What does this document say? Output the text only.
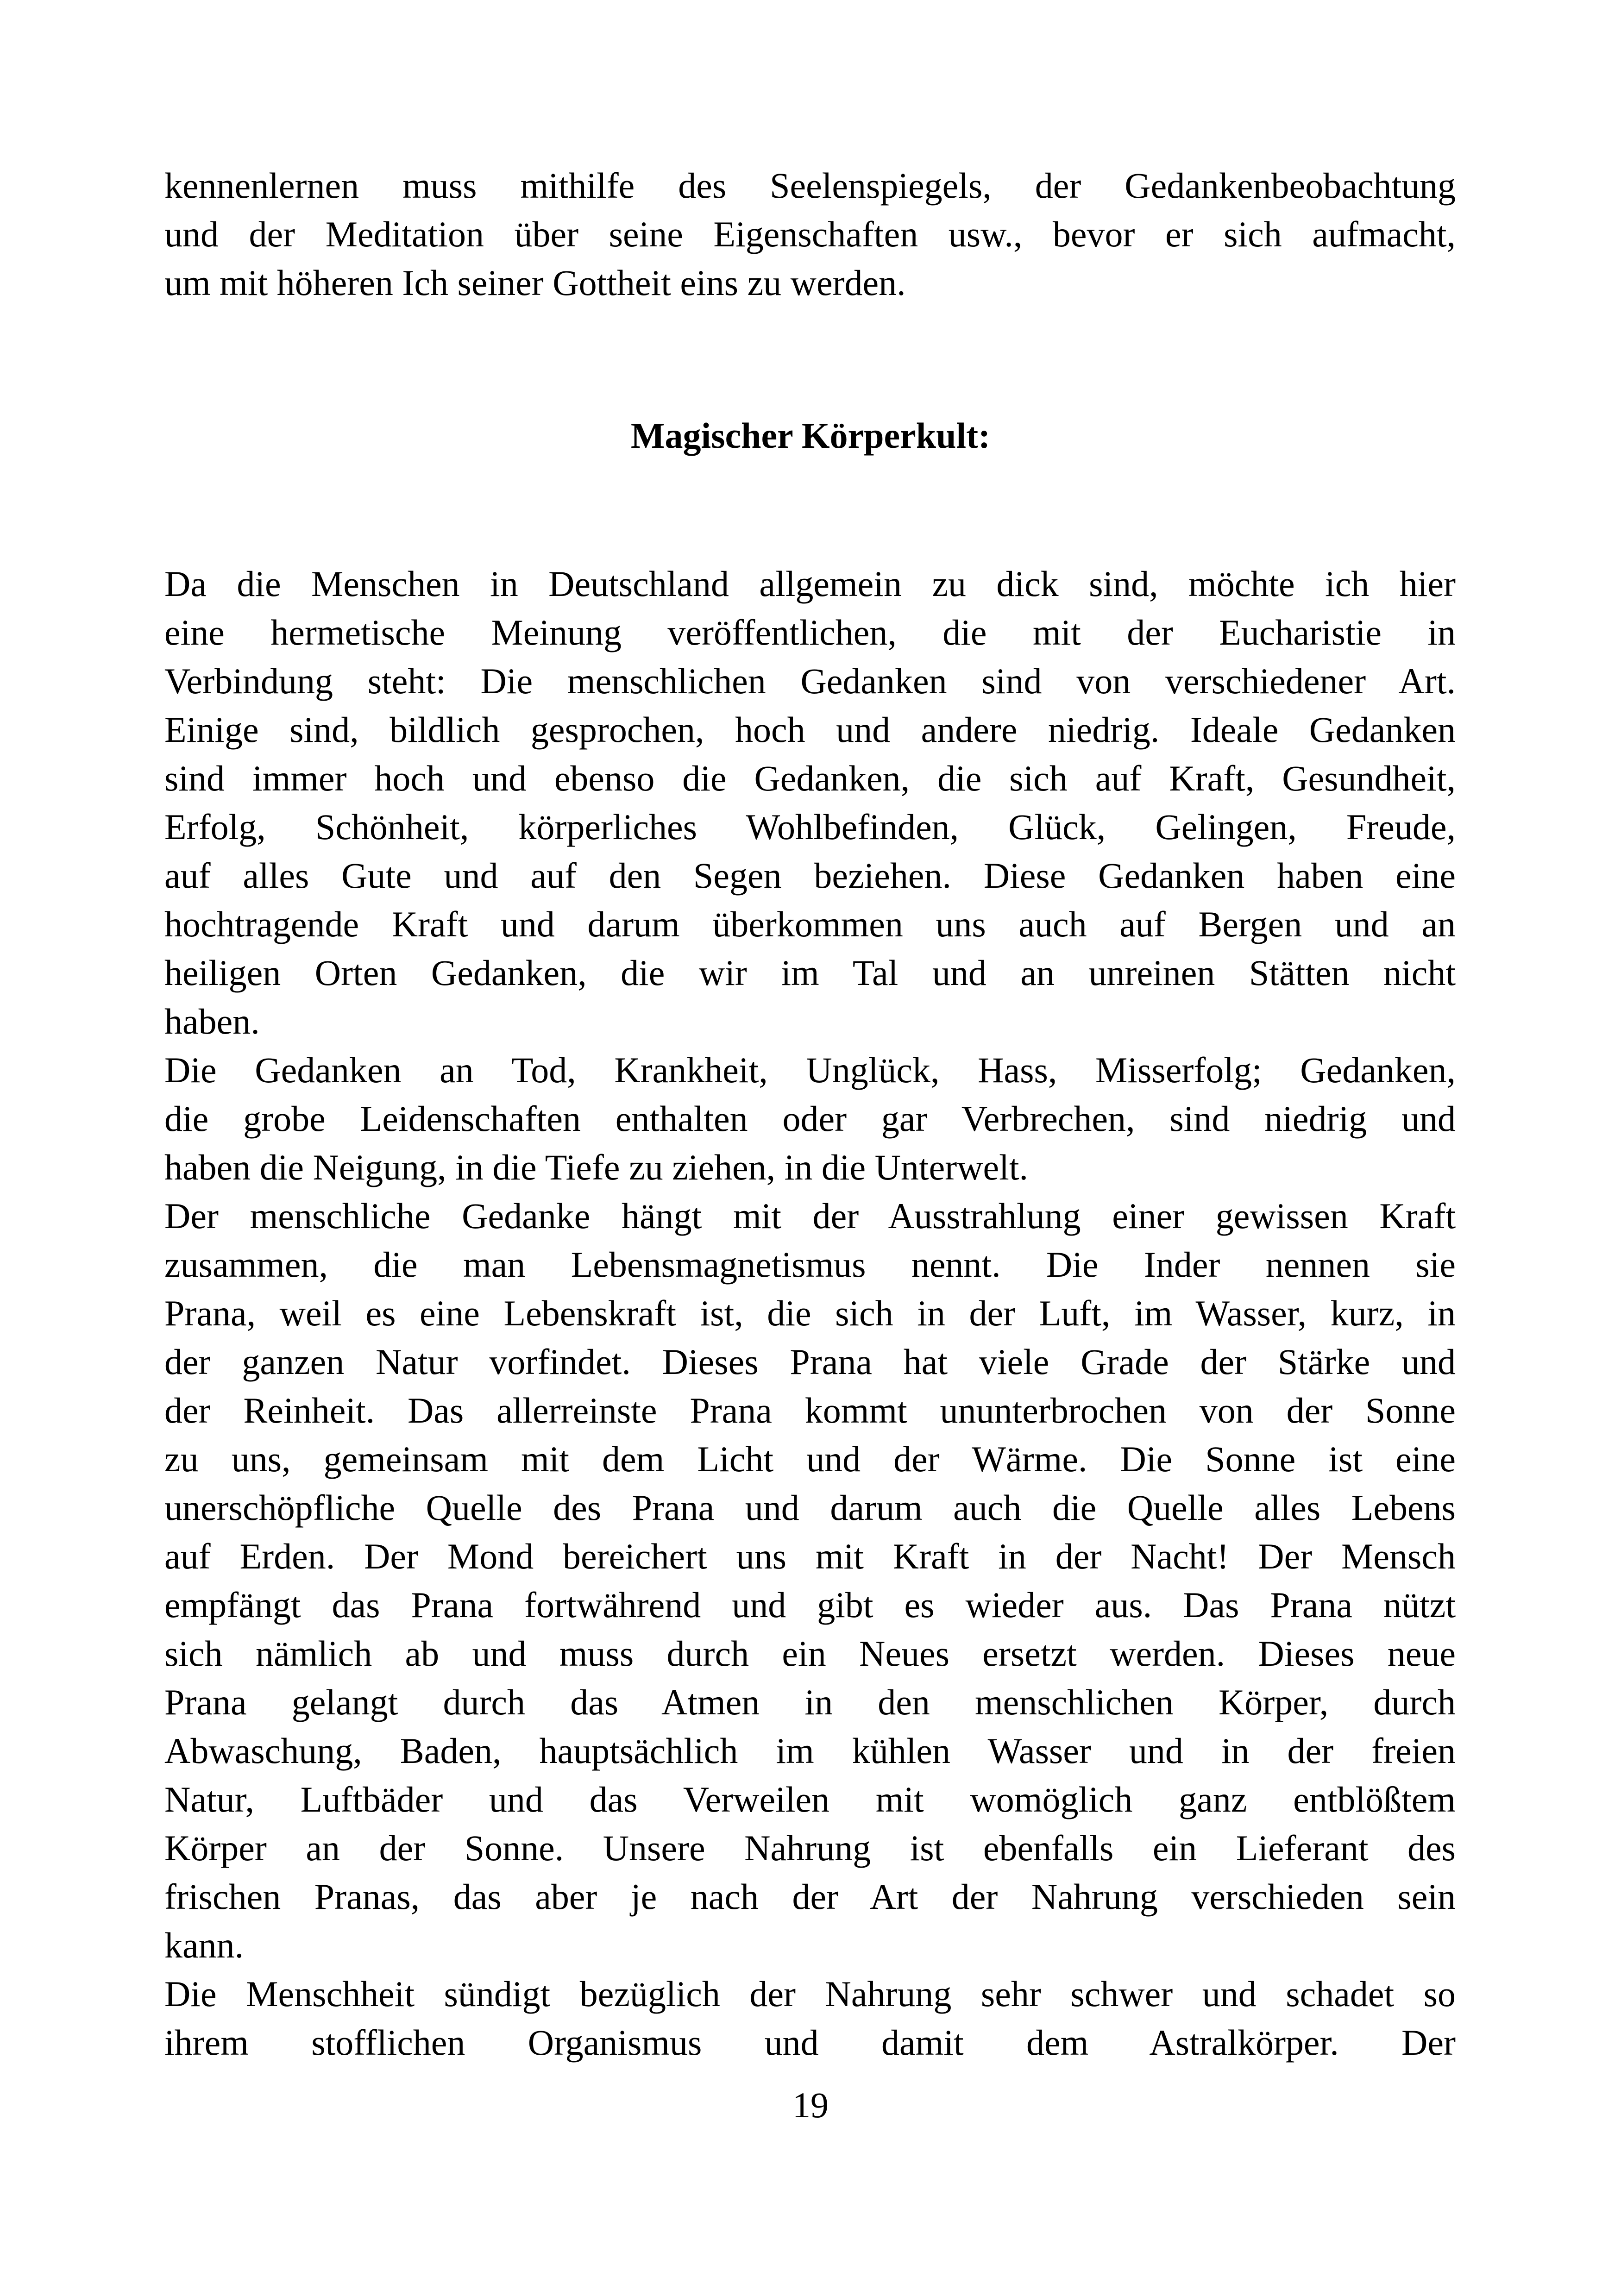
kennenlernen muss mithilfe des Seelenspiegels, der Gedankenbeobachtung
und der Meditation über seine Eigenschaften usw., bevor er sich aufmacht,
um mit höheren Ich seiner Gottheit eins zu werden.
Magischer Körperkult:
Da die Menschen in Deutschland allgemein zu dick sind, möchte ich hier
eine hermetische Meinung veröffentlichen, die mit der Eucharistie in
Verbindung steht: Die menschlichen Gedanken sind von verschiedener Art.
Einige sind, bildlich gesprochen, hoch und andere niedrig. Ideale Gedanken
sind immer hoch und ebenso die Gedanken, die sich auf Kraft, Gesundheit,
Erfolg, Schönheit, körperliches Wohlbefinden, Glück, Gelingen, Freude,
auf alles Gute und auf den Segen beziehen. Diese Gedanken haben eine
hochtragende Kraft und darum überkommen uns auch auf Bergen und an
heiligen Orten Gedanken, die wir im Tal und an unreinen Stätten nicht
haben.
Die Gedanken an Tod, Krankheit, Unglück, Hass, Misserfolg; Gedanken,
die grobe Leidenschaften enthalten oder gar Verbrechen, sind niedrig und
haben die Neigung, in die Tiefe zu ziehen, in die Unterwelt.
Der menschliche Gedanke hängt mit der Ausstrahlung einer gewissen Kraft
zusammen, die man Lebensmagnetismus nennt. Die Inder nennen sie
Prana, weil es eine Lebenskraft ist, die sich in der Luft, im Wasser, kurz, in
der ganzen Natur vorfindet. Dieses Prana hat viele Grade der Stärke und
der Reinheit. Das allerreinste Prana kommt ununterbrochen von der Sonne
zu uns, gemeinsam mit dem Licht und der Wärme. Die Sonne ist eine
unerschöpfliche Quelle des Prana und darum auch die Quelle alles Lebens
auf Erden. Der Mond bereichert uns mit Kraft in der Nacht! Der Mensch
empfängt das Prana fortwährend und gibt es wieder aus. Das Prana nützt
sich nämlich ab und muss durch ein Neues ersetzt werden. Dieses neue
Prana gelangt durch das Atmen in den menschlichen Körper, durch
Abwaschung, Baden, hauptsächlich im kühlen Wasser und in der freien
Natur, Luftbäder und das Verweilen mit womöglich ganz entblößtem
Körper an der Sonne. Unsere Nahrung ist ebenfalls ein Lieferant des
frischen Pranas, das aber je nach der Art der Nahrung verschieden sein
kann.
Die Menschheit sündigt bezüglich der Nahrung sehr schwer und schadet so
ihrem stofflichen Organismus und damit dem Astralkörper. Der
19
